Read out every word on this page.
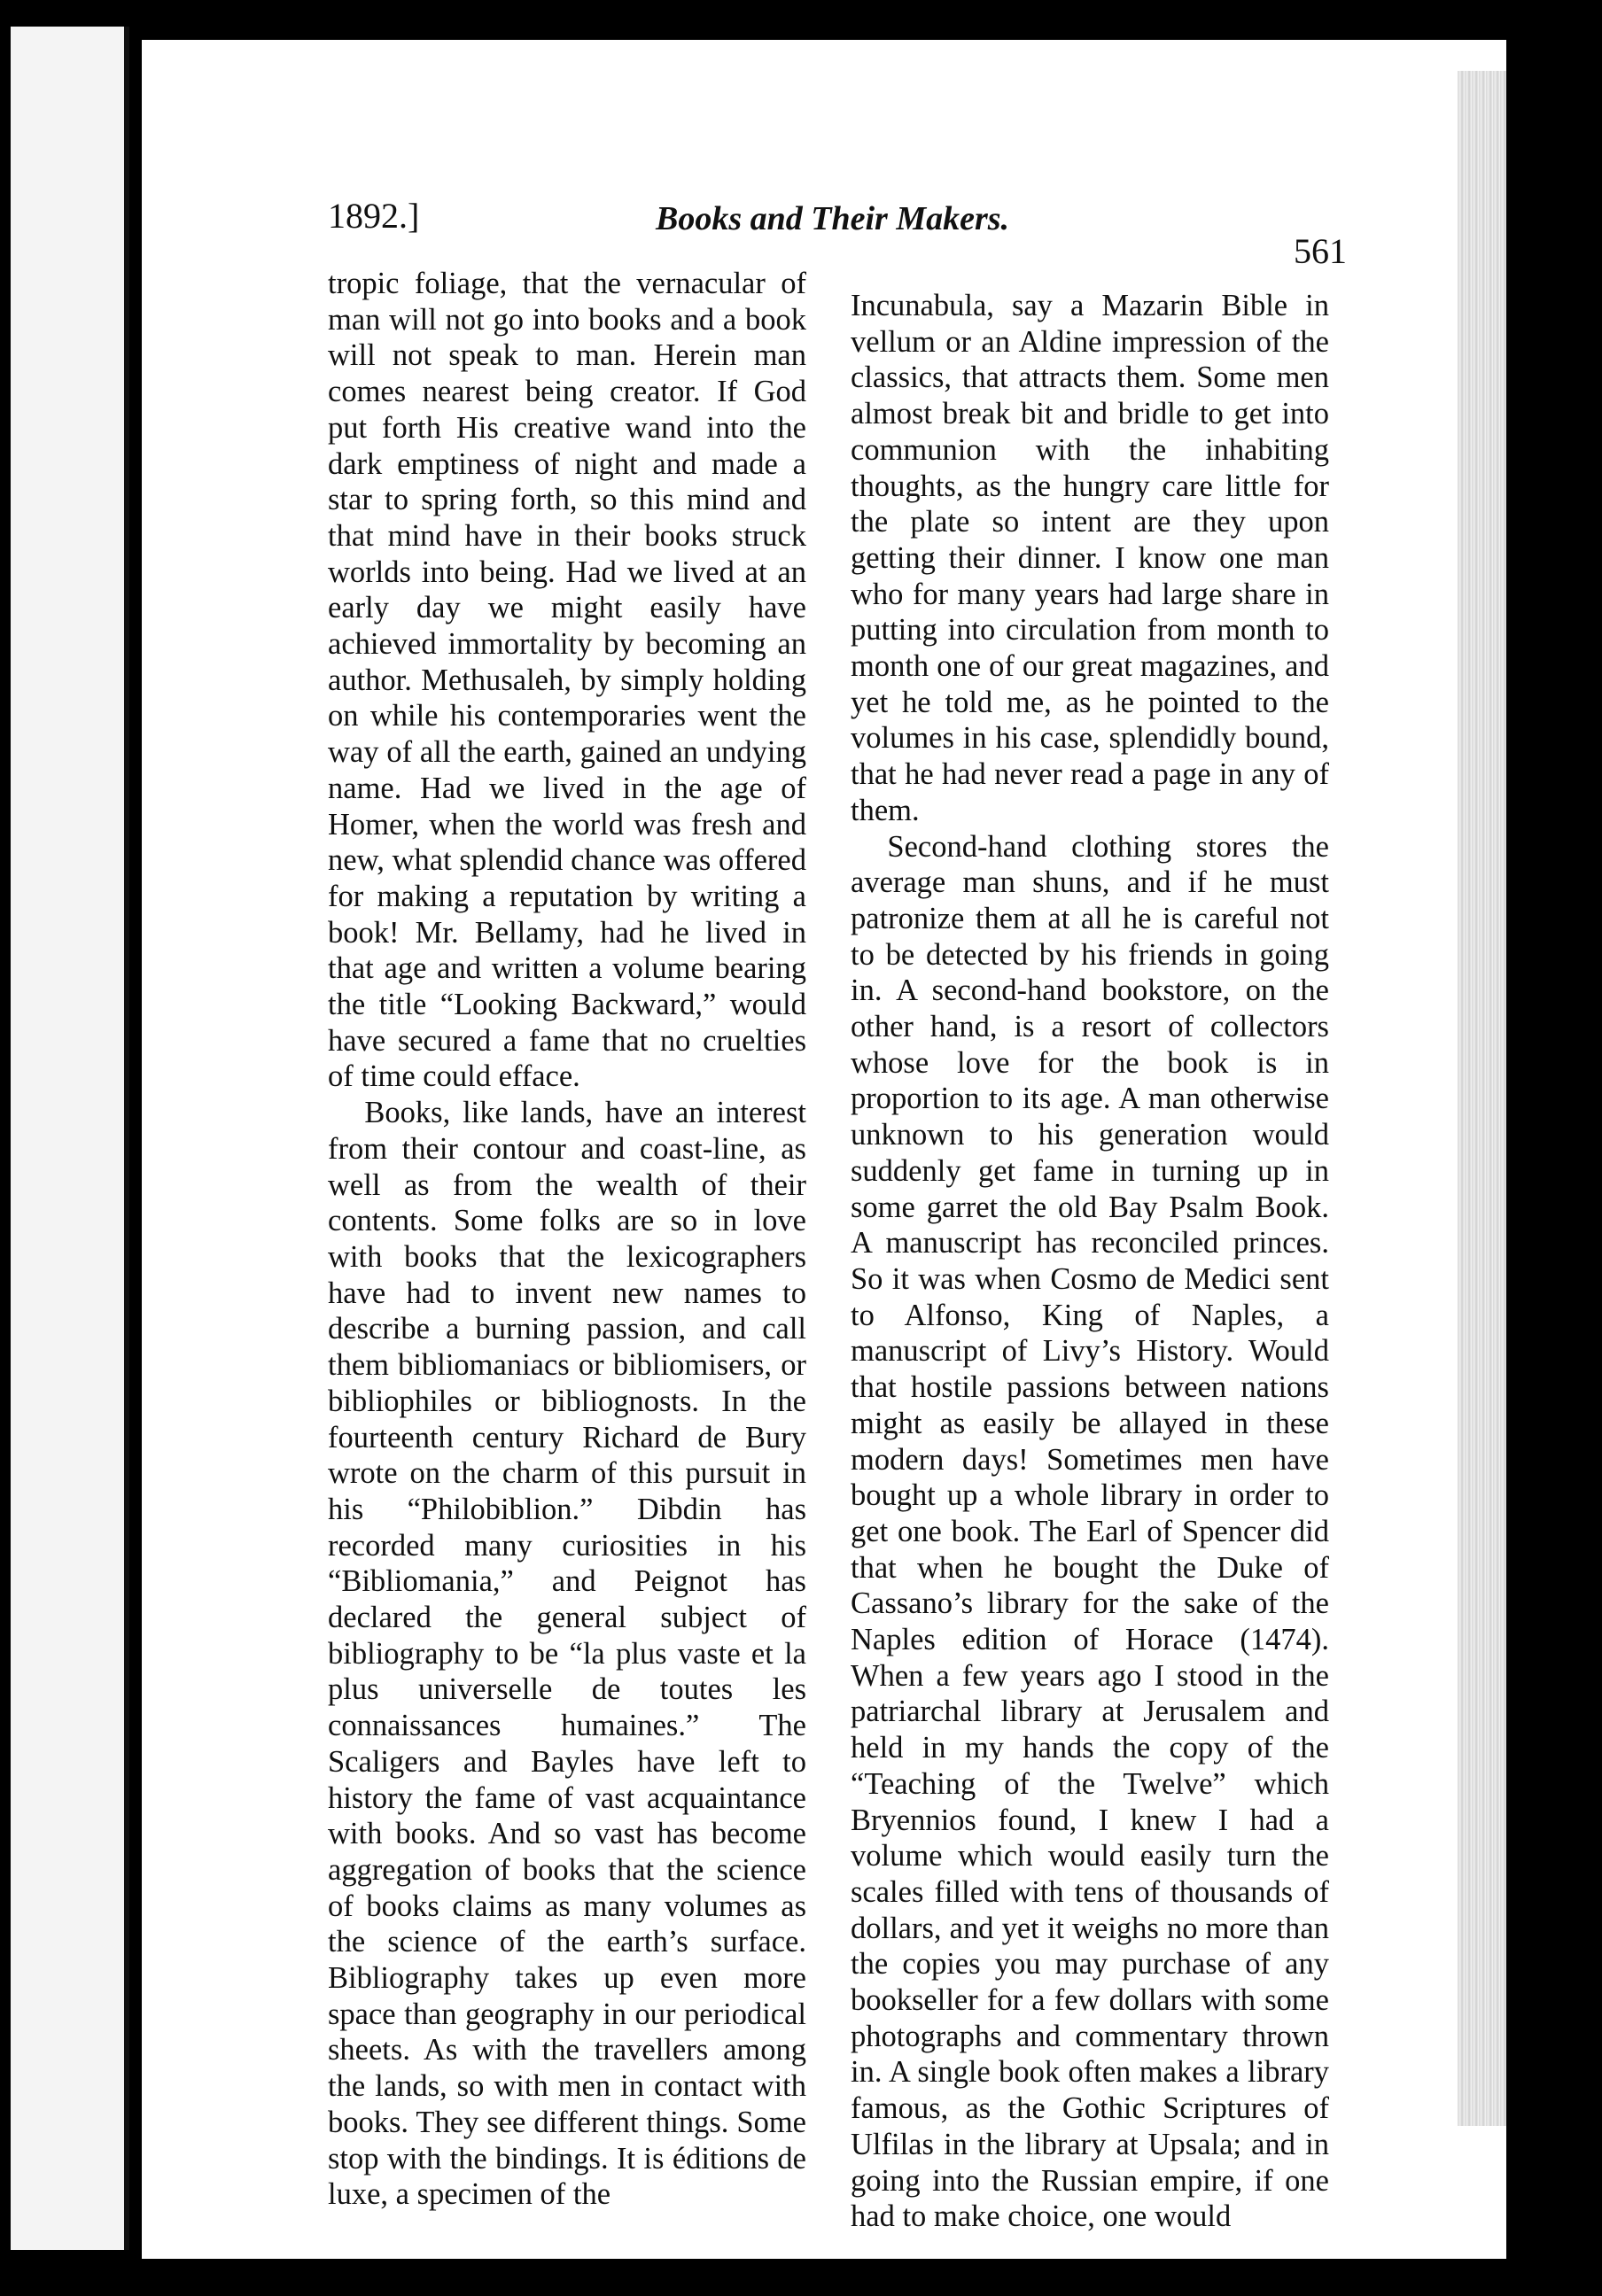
1892.]	Books and Their Makers.
561

tropic foliage, that the vernacular of man will not go into books and a book will not speak to man. Herein man comes nearest being creator. If God put forth His creative wand into the dark emptiness of night and made a star to spring forth, so this mind and that mind have in their books struck worlds into being. Had we lived at an early day we might easily have achieved immortality by becoming an author. Methusaleh, by simply holding on while his contemporaries went the way of all the earth, gained an undying name. Had we lived in the age of Homer, when the world was fresh and new, what splendid chance was offered for making a reputation by writing a book! Mr. Bellamy, had he lived in that age and written a volume bearing the title “Looking Backward,” would have secured a fame that no cruelties of time could efface.

Books, like lands, have an interest from their contour and coast-line, as well as from the wealth of their contents. Some folks are so in love with books that the lexicographers have had to invent new names to describe a burning passion, and call them bibliomaniacs or bibliomisers, or bibliophiles or bibliognosts. In the fourteenth century Richard de Bury wrote on the charm of this pursuit in his “Philobiblion.” Dibdin has recorded many curiosities in his “Bibliomania,” and Peignot has declared the general subject of bibliography to be “la plus vaste et la plus universelle de toutes les connaissances humaines.” The Scaligers and Bayles have left to history the fame of vast acquaintance with books. And so vast has become aggregation of books that the science of books claims as many volumes as the science of the earth’s surface. Bibliography takes up even more space than geography in our periodical sheets. As with the travellers among the lands, so with men in contact with books. They see different things. Some stop with the bindings. It is éditions de luxe, a specimen of the

Incunabula, say a Mazarin Bible in vellum or an Aldine impression of the classics, that attracts them. Some men almost break bit and bridle to get into communion with the inhabiting thoughts, as the hungry care little for the plate so intent are they upon getting their dinner. I know one man who for many years had large share in putting into circulation from month to month one of our great magazines, and yet he told me, as he pointed to the volumes in his case, splendidly bound, that he had never read a page in any of them.

Second-hand clothing stores the average man shuns, and if he must patronize them at all he is careful not to be detected by his friends in going in. A second-hand bookstore, on the other hand, is a resort of collectors whose love for the book is in proportion to its age. A man otherwise unknown to his generation would suddenly get fame in turning up in some garret the old Bay Psalm Book. A manuscript has reconciled princes. So it was when Cosmo de Medici sent to Alfonso, King of Naples, a manuscript of Livy’s History. Would that hostile passions between nations might as easily be allayed in these modern days! Sometimes men have bought up a whole library in order to get one book. The Earl of Spencer did that when he bought the Duke of Cassano’s library for the sake of the Naples edition of Horace (1474). When a few years ago I stood in the patriarchal library at Jerusalem and held in my hands the copy of the “Teaching of the Twelve” which Bryennios found, I knew I had a volume which would easily turn the scales filled with tens of thousands of dollars, and yet it weighs no more than the copies you may purchase of any bookseller for a few dollars with some photographs and commentary thrown in. A single book often makes a library famous, as the Gothic Scriptures of Ulfilas in the library at Upsala; and in going into the Russian empire, if one had to make choice, one would
